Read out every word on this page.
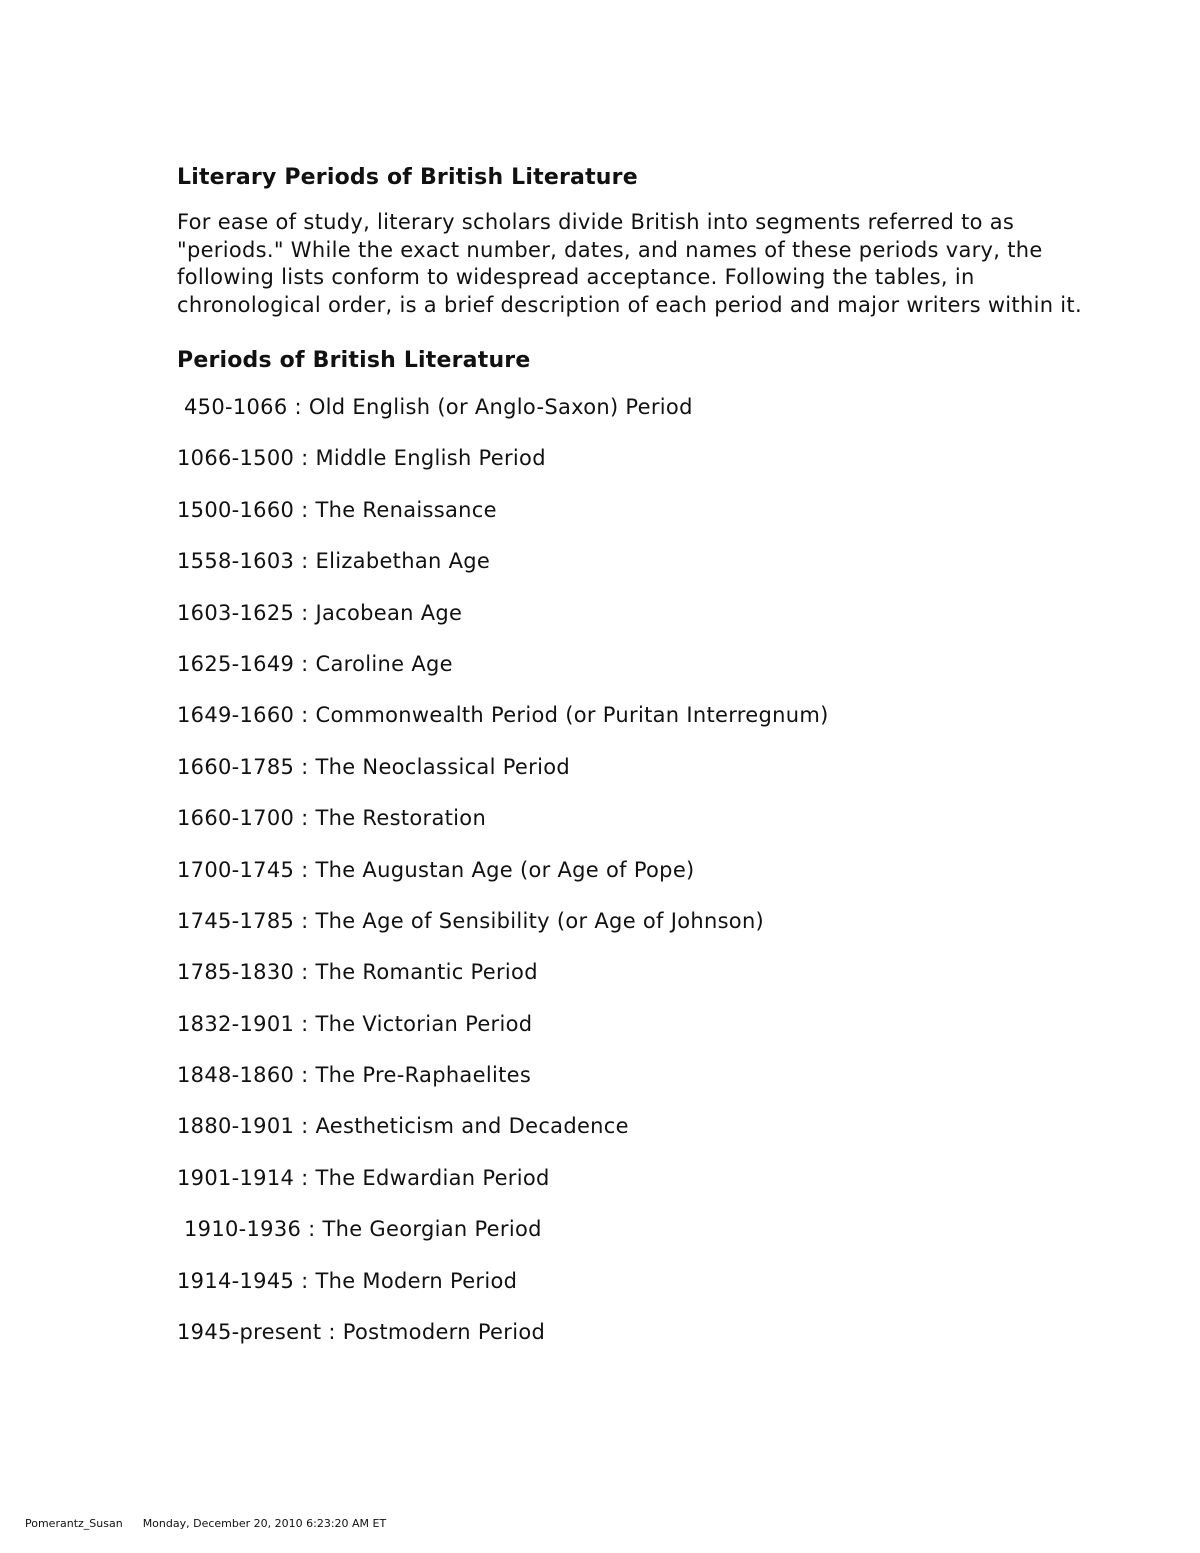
Literary Periods of British Literature

For ease of study, literary scholars divide British into segments referred to as "periods." While the exact number, dates, and names of these periods vary, the following lists conform to widespread acceptance. Following the tables, in chronological order, is a brief description of each period and major writers within it.

Periods of British Literature
450-1066 : Old English (or Anglo-Saxon) Period
1066-1500 : Middle English Period
1500-1660 : The Renaissance
1558-1603 : Elizabethan Age
1603-1625 : Jacobean Age
1625-1649 : Caroline Age
1649-1660 : Commonwealth Period (or Puritan Interregnum)
1660-1785 : The Neoclassical Period
1660-1700 : The Restoration
1700-1745 : The Augustan Age (or Age of Pope)
1745-1785 : The Age of Sensibility (or Age of Johnson)
1785-1830 : The Romantic Period
1832-1901 : The Victorian Period
1848-1860 : The Pre-Raphaelites
1880-1901 : Aestheticism and Decadence
1901-1914 : The Edwardian Period
1910-1936 : The Georgian Period
1914-1945 : The Modern Period
1945-present : Postmodern Period
Pomerantz_Susan Monday, December 20, 2010 6:23:20 AM ET
